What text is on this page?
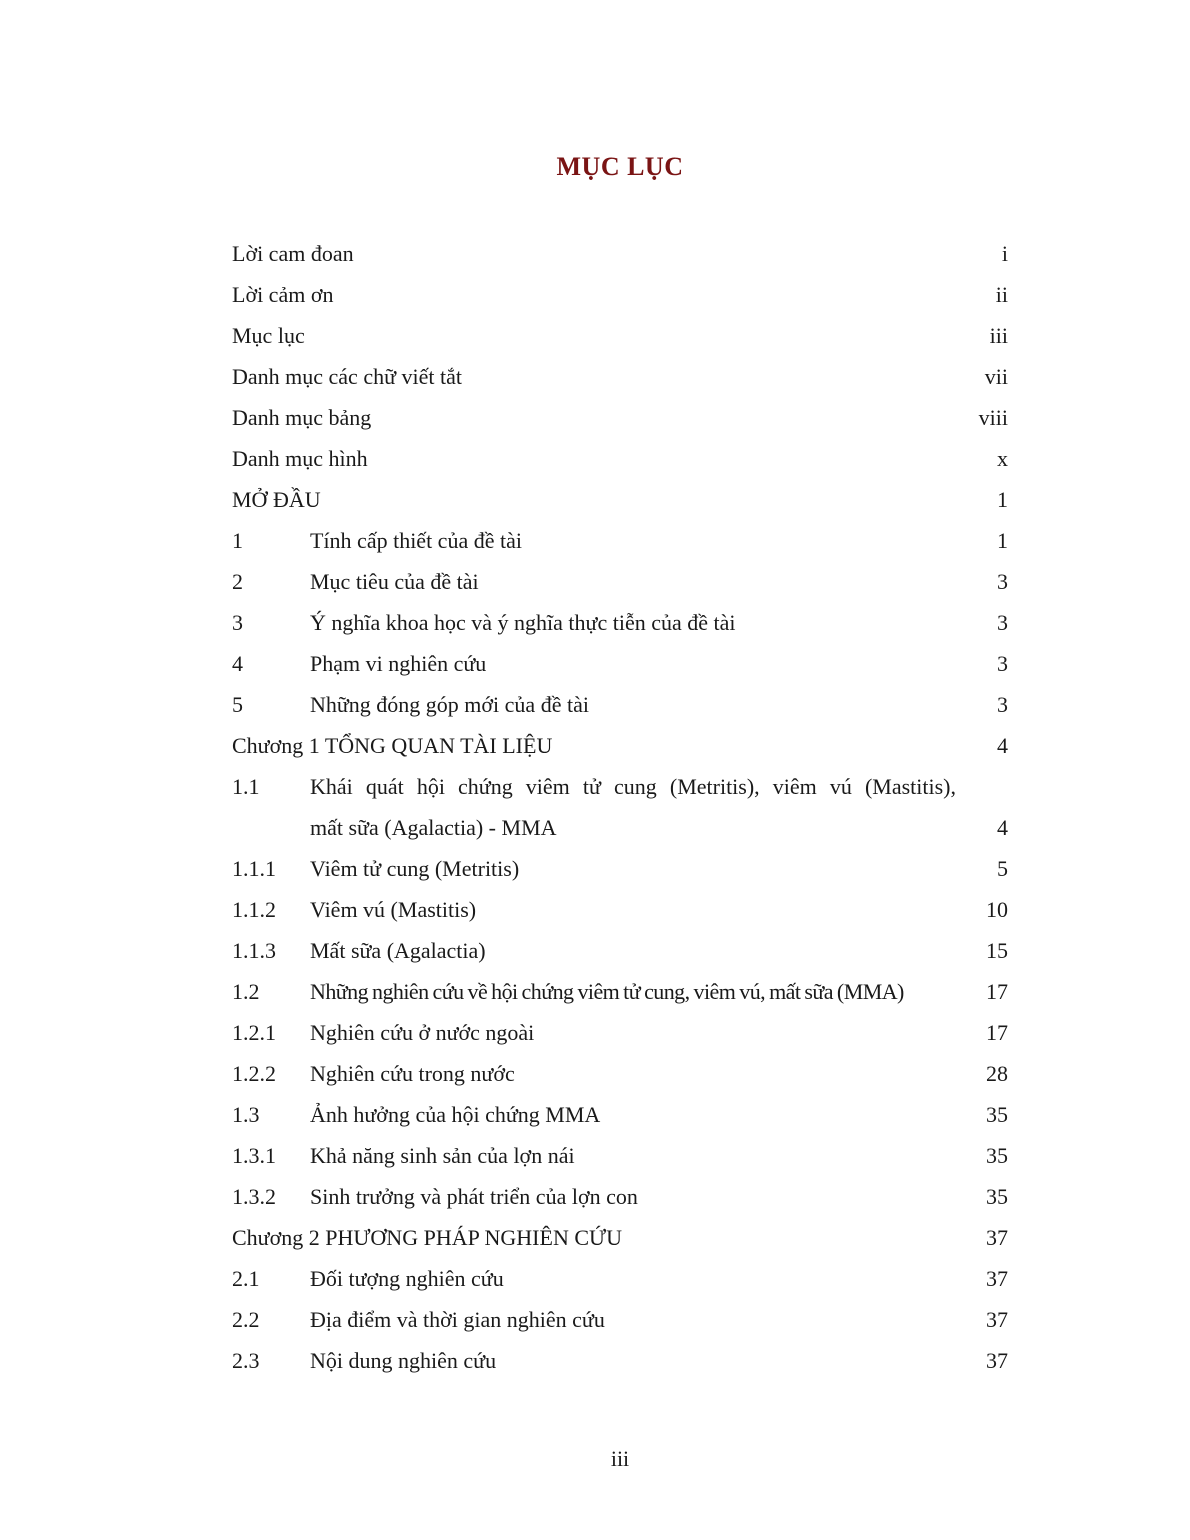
MỤC LỤC
Lời cam đoan	i
Lời cảm ơn	ii
Mục lục	iii
Danh mục các chữ viết tắt	vii
Danh mục bảng	viii
Danh mục hình	x
MỞ ĐẦU	1
1	Tính cấp thiết của đề tài	1
2	Mục tiêu của đề tài	3
3	Ý nghĩa khoa học và ý nghĩa thực tiễn của đề tài	3
4	Phạm vi nghiên cứu	3
5	Những đóng góp mới của đề tài	3
Chương 1 TỔNG QUAN TÀI LIỆU	4
1.1 Khái quát hội chứng viêm tử cung (Metritis), viêm vú (Mastitis),
mất sữa (Agalactia) - MMA	4
1.1.1 Viêm tử cung (Metritis)	5
1.1.2 Viêm vú (Mastitis)	10
1.1.3 Mất sữa (Agalactia)	15
1.2 Những nghiên cứu về hội chứng viêm tử cung, viêm vú, mất sữa (MMA)	17
1.2.1 Nghiên cứu ở nước ngoài	17
1.2.2 Nghiên cứu trong nước	28
1.3 Ảnh hưởng của hội chứng MMA	35
1.3.1 Khả năng sinh sản của lợn nái	35
1.3.2 Sinh trưởng và phát triển của lợn con	35
Chương 2 PHƯƠNG PHÁP NGHIÊN CỨU	37
2.1 Đối tượng nghiên cứu	37
2.2 Địa điểm và thời gian nghiên cứu	37
2.3 Nội dung nghiên cứu	37
iii
